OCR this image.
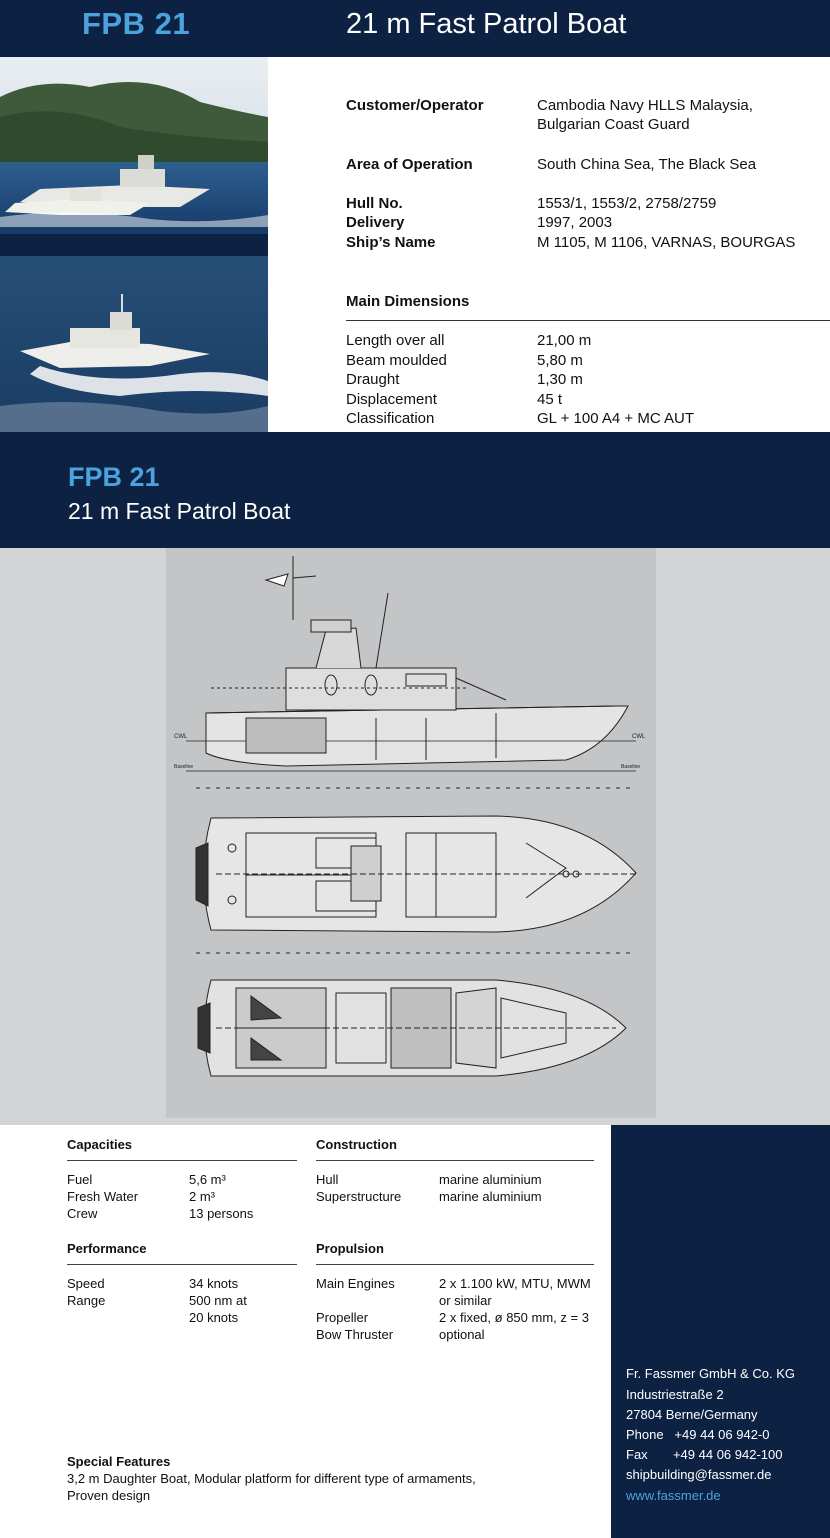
FPB 21	21 m Fast Patrol Boat
Customer/Operator	Cambodia Navy HLLS Malaysia,
Bulgarian Coast Guard
Area of Operation	South China Sea, The Black Sea
Hull No.	1553/1, 1553/2, 2758/2759
Delivery	1997, 2003
Ship’s Name	M 1105, M 1106, VARNAS, BOURGAS
Main Dimensions
Length over all	21,00 m
Beam moulded	5,80 m
Draught	1,30 m
Displacement	45 t
Classification	GL + 100 A4 + MC AUT
FPB 21
21 m Fast Patrol Boat
CWL	CWL
Baseline	Baseline
Capacities
Fuel	5,6 m³
Fresh Water	2 m³
Crew	13 persons
Construction
Hull	marine aluminium
Superstructure	marine aluminium
Performance
Speed	34 knots
Range	500 nm at
20 knots
Propulsion
Main Engines	2 x 1.100 kW, MTU, MWM
or similar
Propeller	2 x fixed, ø 850 mm, z = 3
Bow Thruster	optional
Special Features
3,2 m Daughter Boat, Modular platform for different type of armaments,
Proven design
Fr. Fassmer GmbH & Co. KG
Industriestraße 2
27804 Berne/Germany
Phone   +49 44 06 942-0
Fax       +49 44 06 942-100
shipbuilding@fassmer.de
www.fassmer.de
